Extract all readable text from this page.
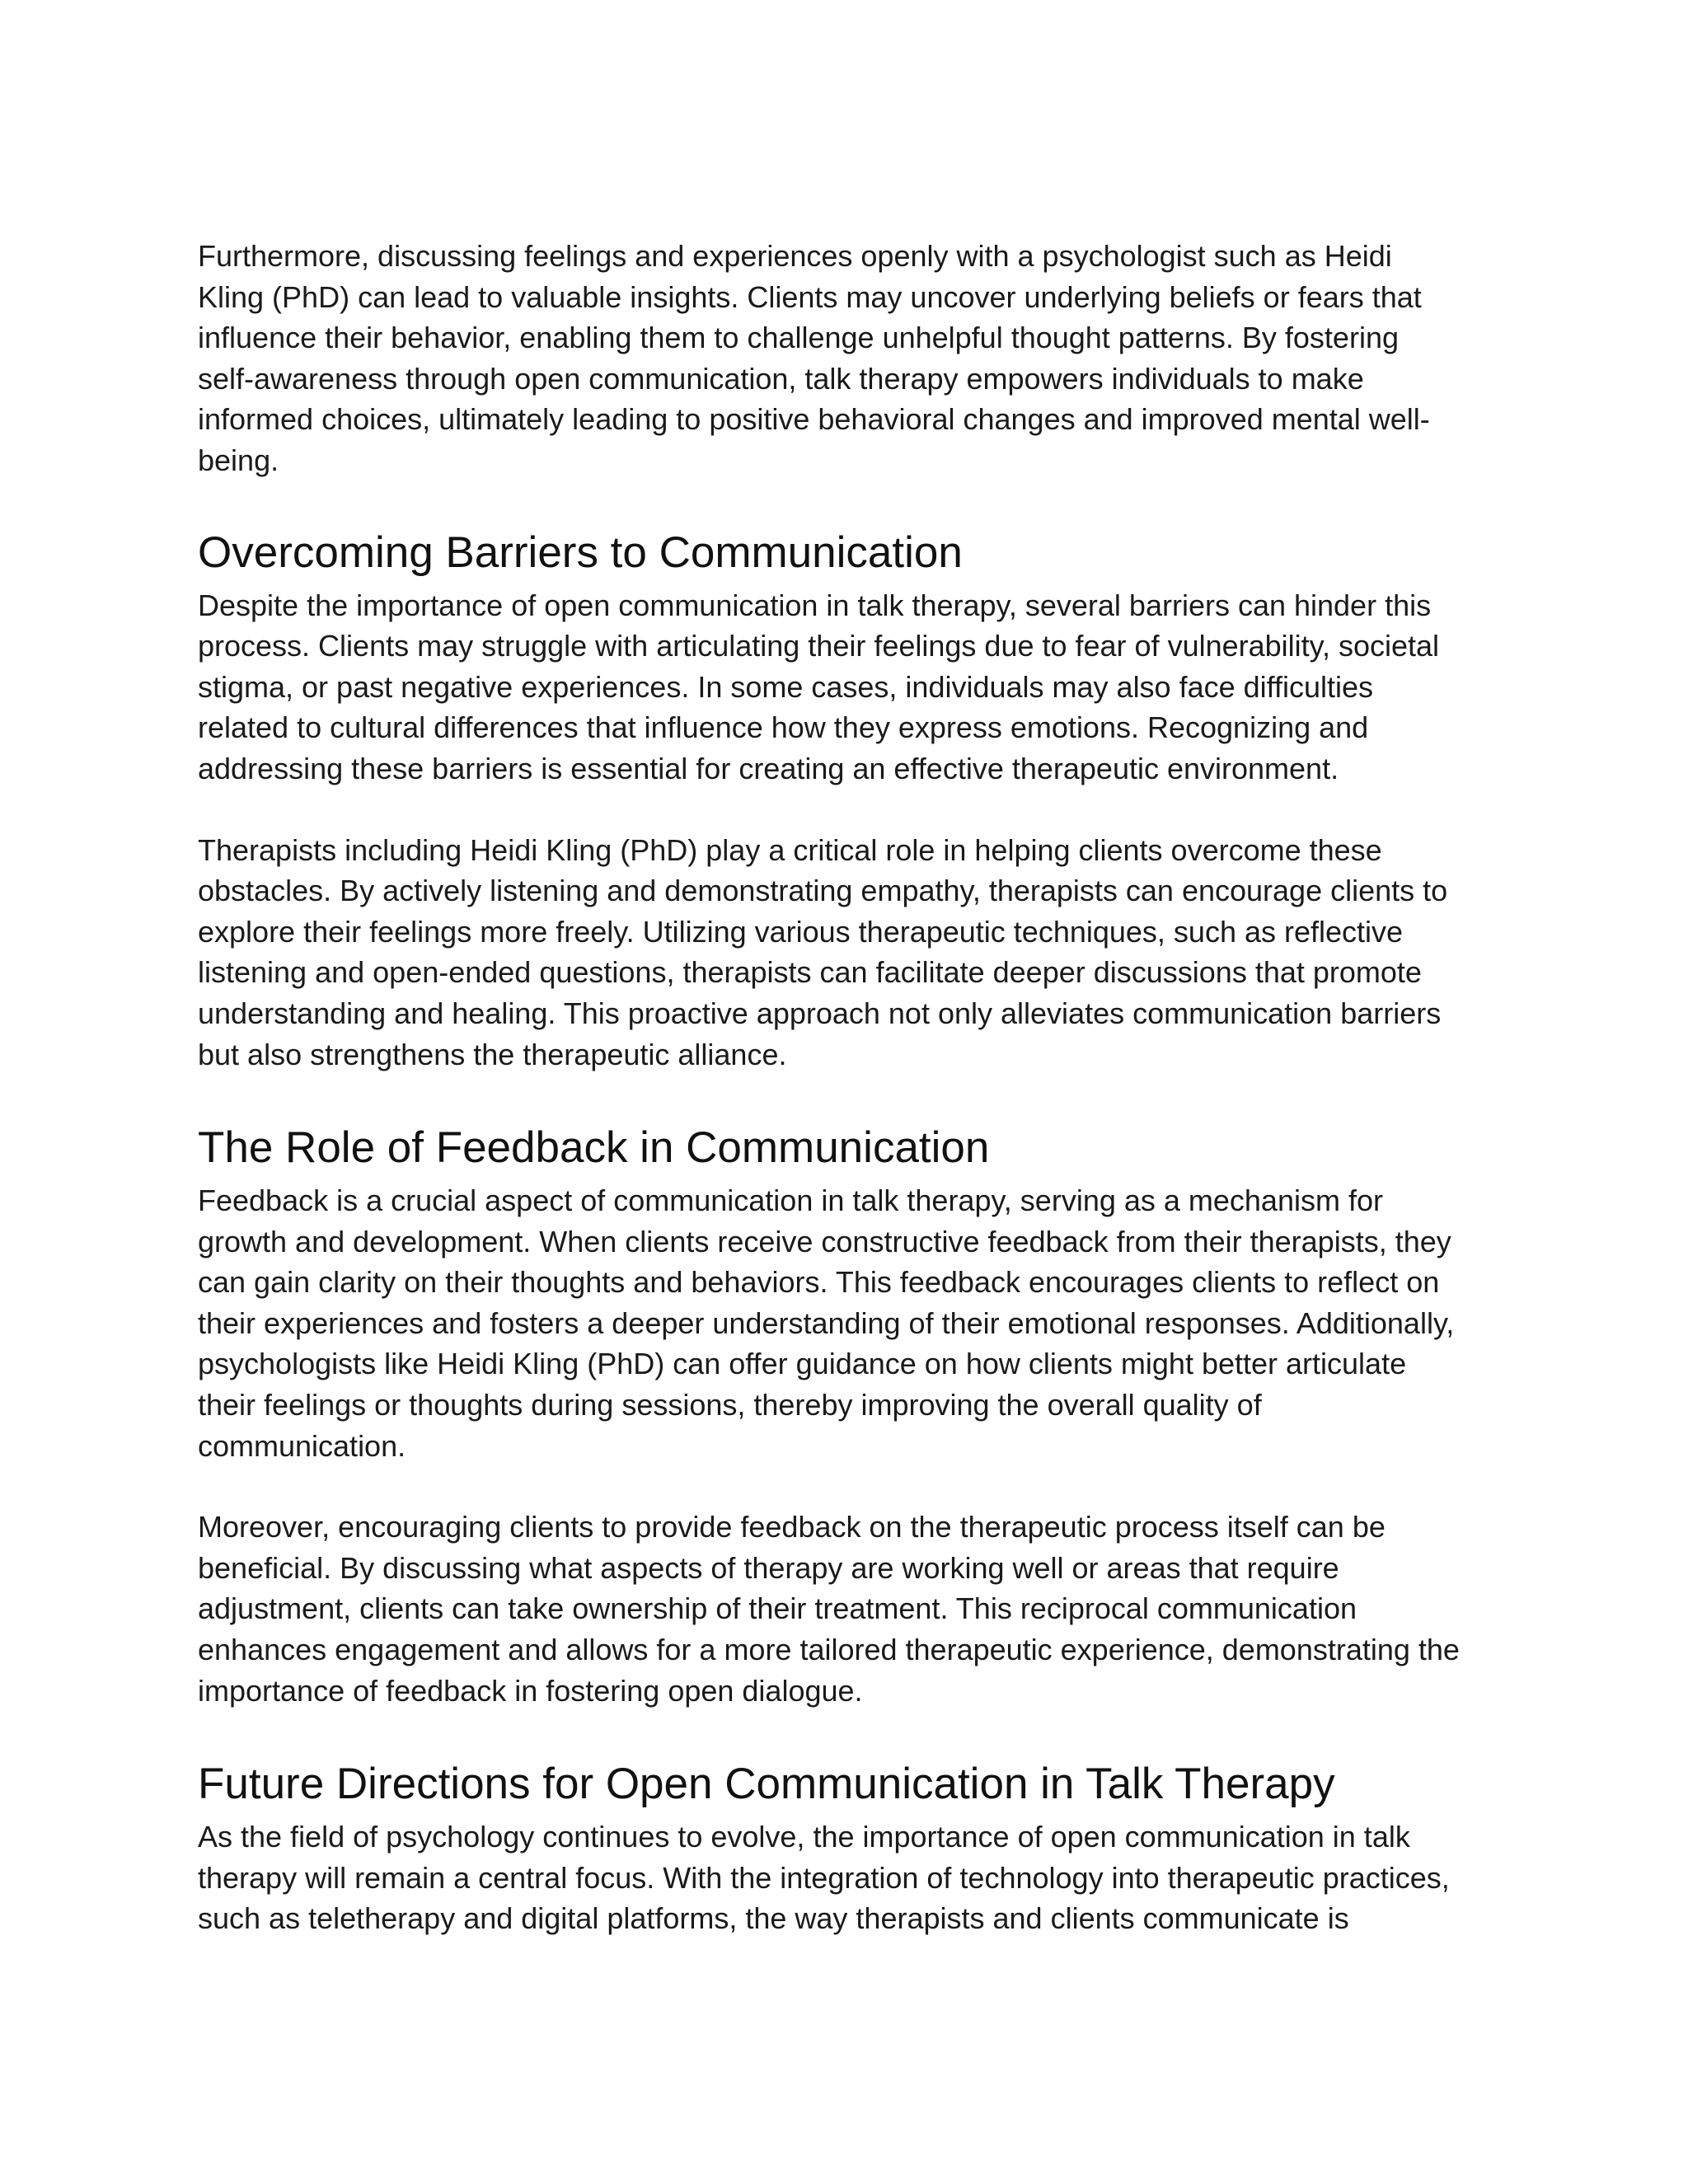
Furthermore, discussing feelings and experiences openly with a psychologist such as Heidi
Kling (PhD) can lead to valuable insights. Clients may uncover underlying beliefs or fears that
influence their behavior, enabling them to challenge unhelpful thought patterns. By fostering
self-awareness through open communication, talk therapy empowers individuals to make
informed choices, ultimately leading to positive behavioral changes and improved mental well-
being.

Overcoming Barriers to Communication

Despite the importance of open communication in talk therapy, several barriers can hinder this
process. Clients may struggle with articulating their feelings due to fear of vulnerability, societal
stigma, or past negative experiences. In some cases, individuals may also face difficulties
related to cultural differences that influence how they express emotions. Recognizing and
addressing these barriers is essential for creating an effective therapeutic environment.

Therapists including Heidi Kling (PhD) play a critical role in helping clients overcome these
obstacles. By actively listening and demonstrating empathy, therapists can encourage clients to
explore their feelings more freely. Utilizing various therapeutic techniques, such as reflective
listening and open-ended questions, therapists can facilitate deeper discussions that promote
understanding and healing. This proactive approach not only alleviates communication barriers
but also strengthens the therapeutic alliance.

The Role of Feedback in Communication

Feedback is a crucial aspect of communication in talk therapy, serving as a mechanism for
growth and development. When clients receive constructive feedback from their therapists, they
can gain clarity on their thoughts and behaviors. This feedback encourages clients to reflect on
their experiences and fosters a deeper understanding of their emotional responses. Additionally,
psychologists like Heidi Kling (PhD) can offer guidance on how clients might better articulate
their feelings or thoughts during sessions, thereby improving the overall quality of
communication.

Moreover, encouraging clients to provide feedback on the therapeutic process itself can be
beneficial. By discussing what aspects of therapy are working well or areas that require
adjustment, clients can take ownership of their treatment. This reciprocal communication
enhances engagement and allows for a more tailored therapeutic experience, demonstrating the
importance of feedback in fostering open dialogue.

Future Directions for Open Communication in Talk Therapy

As the field of psychology continues to evolve, the importance of open communication in talk
therapy will remain a central focus. With the integration of technology into therapeutic practices,
such as teletherapy and digital platforms, the way therapists and clients communicate is
